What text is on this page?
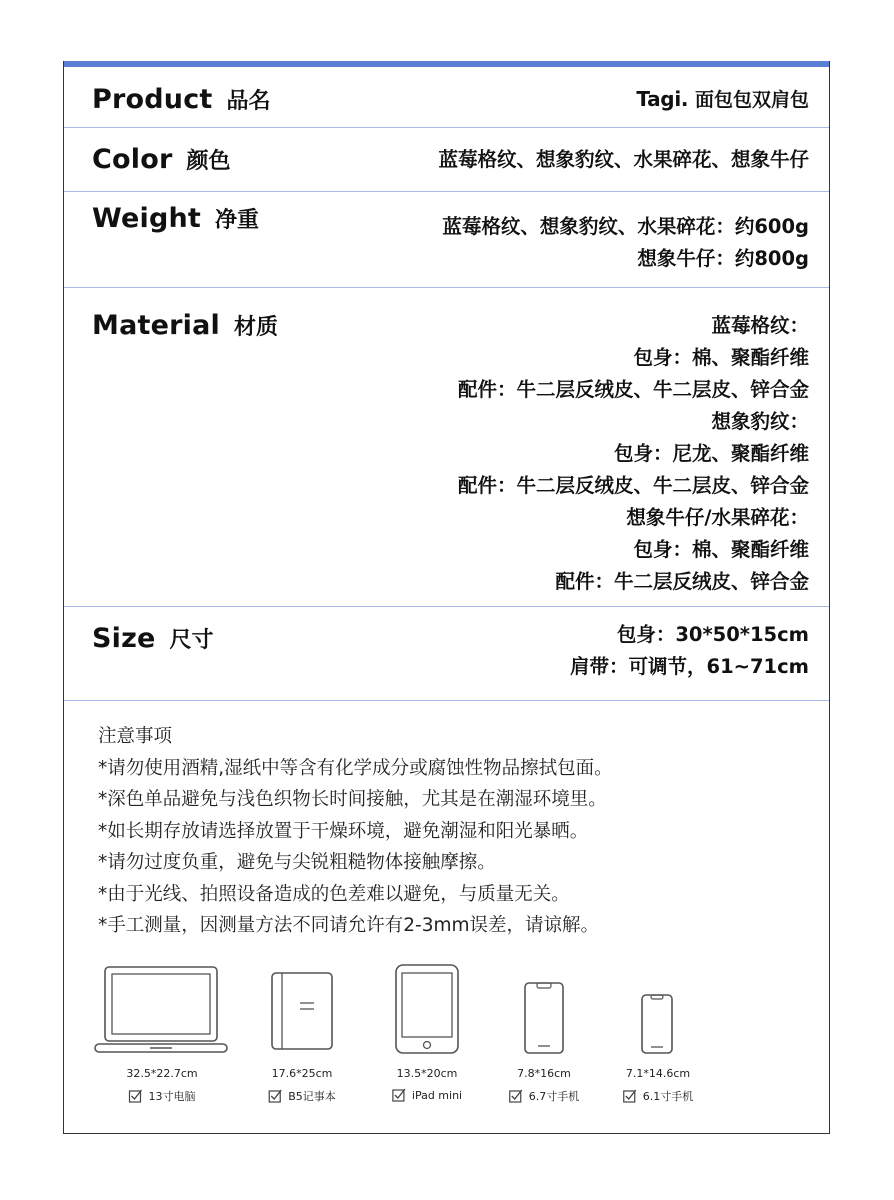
Product 品名	Tagi. 面包包双肩包
Color 颜色	蓝莓格纹、想象豹纹、水果碎花、想象牛仔
Weight 净重	蓝莓格纹、想象豹纹、水果碎花：约600g
想象牛仔：约800g
Material 材质	蓝莓格纹：
包身：棉、聚酯纤维
配件：牛二层反绒皮、牛二层皮、锌合金
想象豹纹：
包身：尼龙、聚酯纤维
配件：牛二层反绒皮、牛二层皮、锌合金
想象牛仔/水果碎花：
包身：棉、聚酯纤维
配件：牛二层反绒皮、锌合金
Size 尺寸	包身：30*50*15cm
肩带：可调节，61~71cm
注意事项
*请勿使用酒精,湿纸中等含有化学成分或腐蚀性物品擦拭包面。
*深色单品避免与浅色织物长时间接触，尤其是在潮湿环境里。
*如长期存放请选择放置于干燥环境，避免潮湿和阳光暴晒。
*请勿过度负重，避免与尖锐粗糙物体接触摩擦。
*由于光线、拍照设备造成的色差难以避免，与质量无关。
*手工测量，因测量方法不同请允许有2-3mm误差，请谅解。
32.5*22.7cm	17.6*25cm	13.5*20cm	7.8*16cm	7.1*14.6cm
13寸电脑	B5记事本	iPad mini	6.7寸手机	6.1寸手机
